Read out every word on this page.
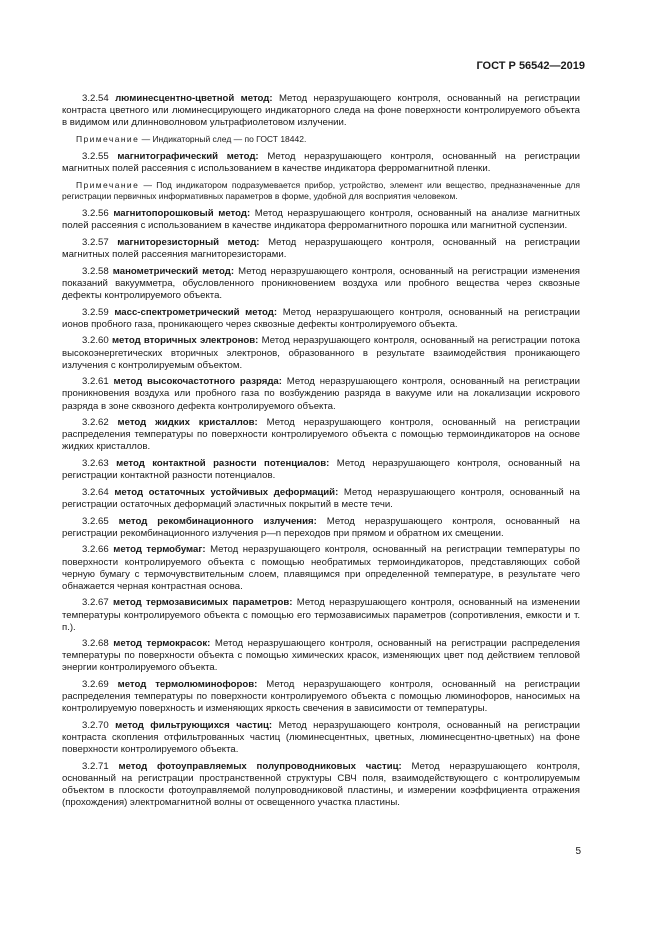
ГОСТ Р 56542—2019

3.2.54 люминесцентно-цветной метод: Метод неразрушающего контроля, основанный на регистрации контраста цветного или люминесцирующего индикаторного следа на фоне поверхности контролируемого объекта в видимом или длинноволновом ультрафиолетовом излучении.

Примечание — Индикаторный след — по ГОСТ 18442.

3.2.55 магнитографический метод: Метод неразрушающего контроля, основанный на регистрации магнитных полей рассеяния с использованием в качестве индикатора ферромагнитной пленки.

Примечание — Под индикатором подразумевается прибор, устройство, элемент или вещество, предназначенные для регистрации первичных информативных параметров в форме, удобной для восприятия человеком.

3.2.56 магнитопорошковый метод: Метод неразрушающего контроля, основанный на анализе магнитных полей рассеяния с использованием в качестве индикатора ферромагнитного порошка или магнитной суспензии.

3.2.57 магниторезисторный метод: Метод неразрушающего контроля, основанный на регистрации магнитных полей рассеяния магниторезисторами.

3.2.58 манометрический метод: Метод неразрушающего контроля, основанный на регистрации изменения показаний вакуумметра, обусловленного проникновением воздуха или пробного вещества через сквозные дефекты контролируемого объекта.

3.2.59 масс-спектрометрический метод: Метод неразрушающего контроля, основанный на регистрации ионов пробного газа, проникающего через сквозные дефекты контролируемого объекта.

3.2.60 метод вторичных электронов: Метод неразрушающего контроля, основанный на регистрации потока высокоэнергетических вторичных электронов, образованного в результате взаимодействия проникающего излучения с контролируемым объектом.

3.2.61 метод высокочастотного разряда: Метод неразрушающего контроля, основанный на регистрации проникновения воздуха или пробного газа по возбуждению разряда в вакууме или на локализации искрового разряда в зоне сквозного дефекта контролируемого объекта.

3.2.62 метод жидких кристаллов: Метод неразрушающего контроля, основанный на регистрации распределения температуры по поверхности контролируемого объекта с помощью термоиндикаторов на основе жидких кристаллов.

3.2.63 метод контактной разности потенциалов: Метод неразрушающего контроля, основанный на регистрации контактной разности потенциалов.

3.2.64 метод остаточных устойчивых деформаций: Метод неразрушающего контроля, основанный на регистрации остаточных деформаций эластичных покрытий в месте течи.

3.2.65 метод рекомбинационного излучения: Метод неразрушающего контроля, основанный на регистрации рекомбинационного излучения p—n переходов при прямом и обратном их смещении.

3.2.66 метод термобумаг: Метод неразрушающего контроля, основанный на регистрации температуры по поверхности контролируемого объекта с помощью необратимых термоиндикаторов, представляющих собой черную бумагу с термочувствительным слоем, плавящимся при определенной температуре, в результате чего обнажается черная контрастная основа.

3.2.67 метод термозависимых параметров: Метод неразрушающего контроля, основанный на изменении температуры контролируемого объекта с помощью его термозависимых параметров (сопротивления, емкости и т. п.).

3.2.68 метод термокрасок: Метод неразрушающего контроля, основанный на регистрации распределения температуры по поверхности объекта с помощью химических красок, изменяющих цвет под действием тепловой энергии контролируемого объекта.

3.2.69 метод термолюминофоров: Метод неразрушающего контроля, основанный на регистрации распределения температуры по поверхности контролируемого объекта с помощью люминофоров, наносимых на контролируемую поверхность и изменяющих яркость свечения в зависимости от температуры.

3.2.70 метод фильтрующихся частиц: Метод неразрушающего контроля, основанный на регистрации контраста скопления отфильтрованных частиц (люминесцентных, цветных, люминесцентно-цветных) на фоне поверхности контролируемого объекта.

3.2.71 метод фотоуправляемых полупроводниковых частиц: Метод неразрушающего контроля, основанный на регистрации пространственной структуры СВЧ поля, взаимодействующего с контролируемым объектом в плоскости фотоуправляемой полупроводниковой пластины, и измерении коэффициента отражения (прохождения) электромагнитной волны от освещенного участка пластины.

5
